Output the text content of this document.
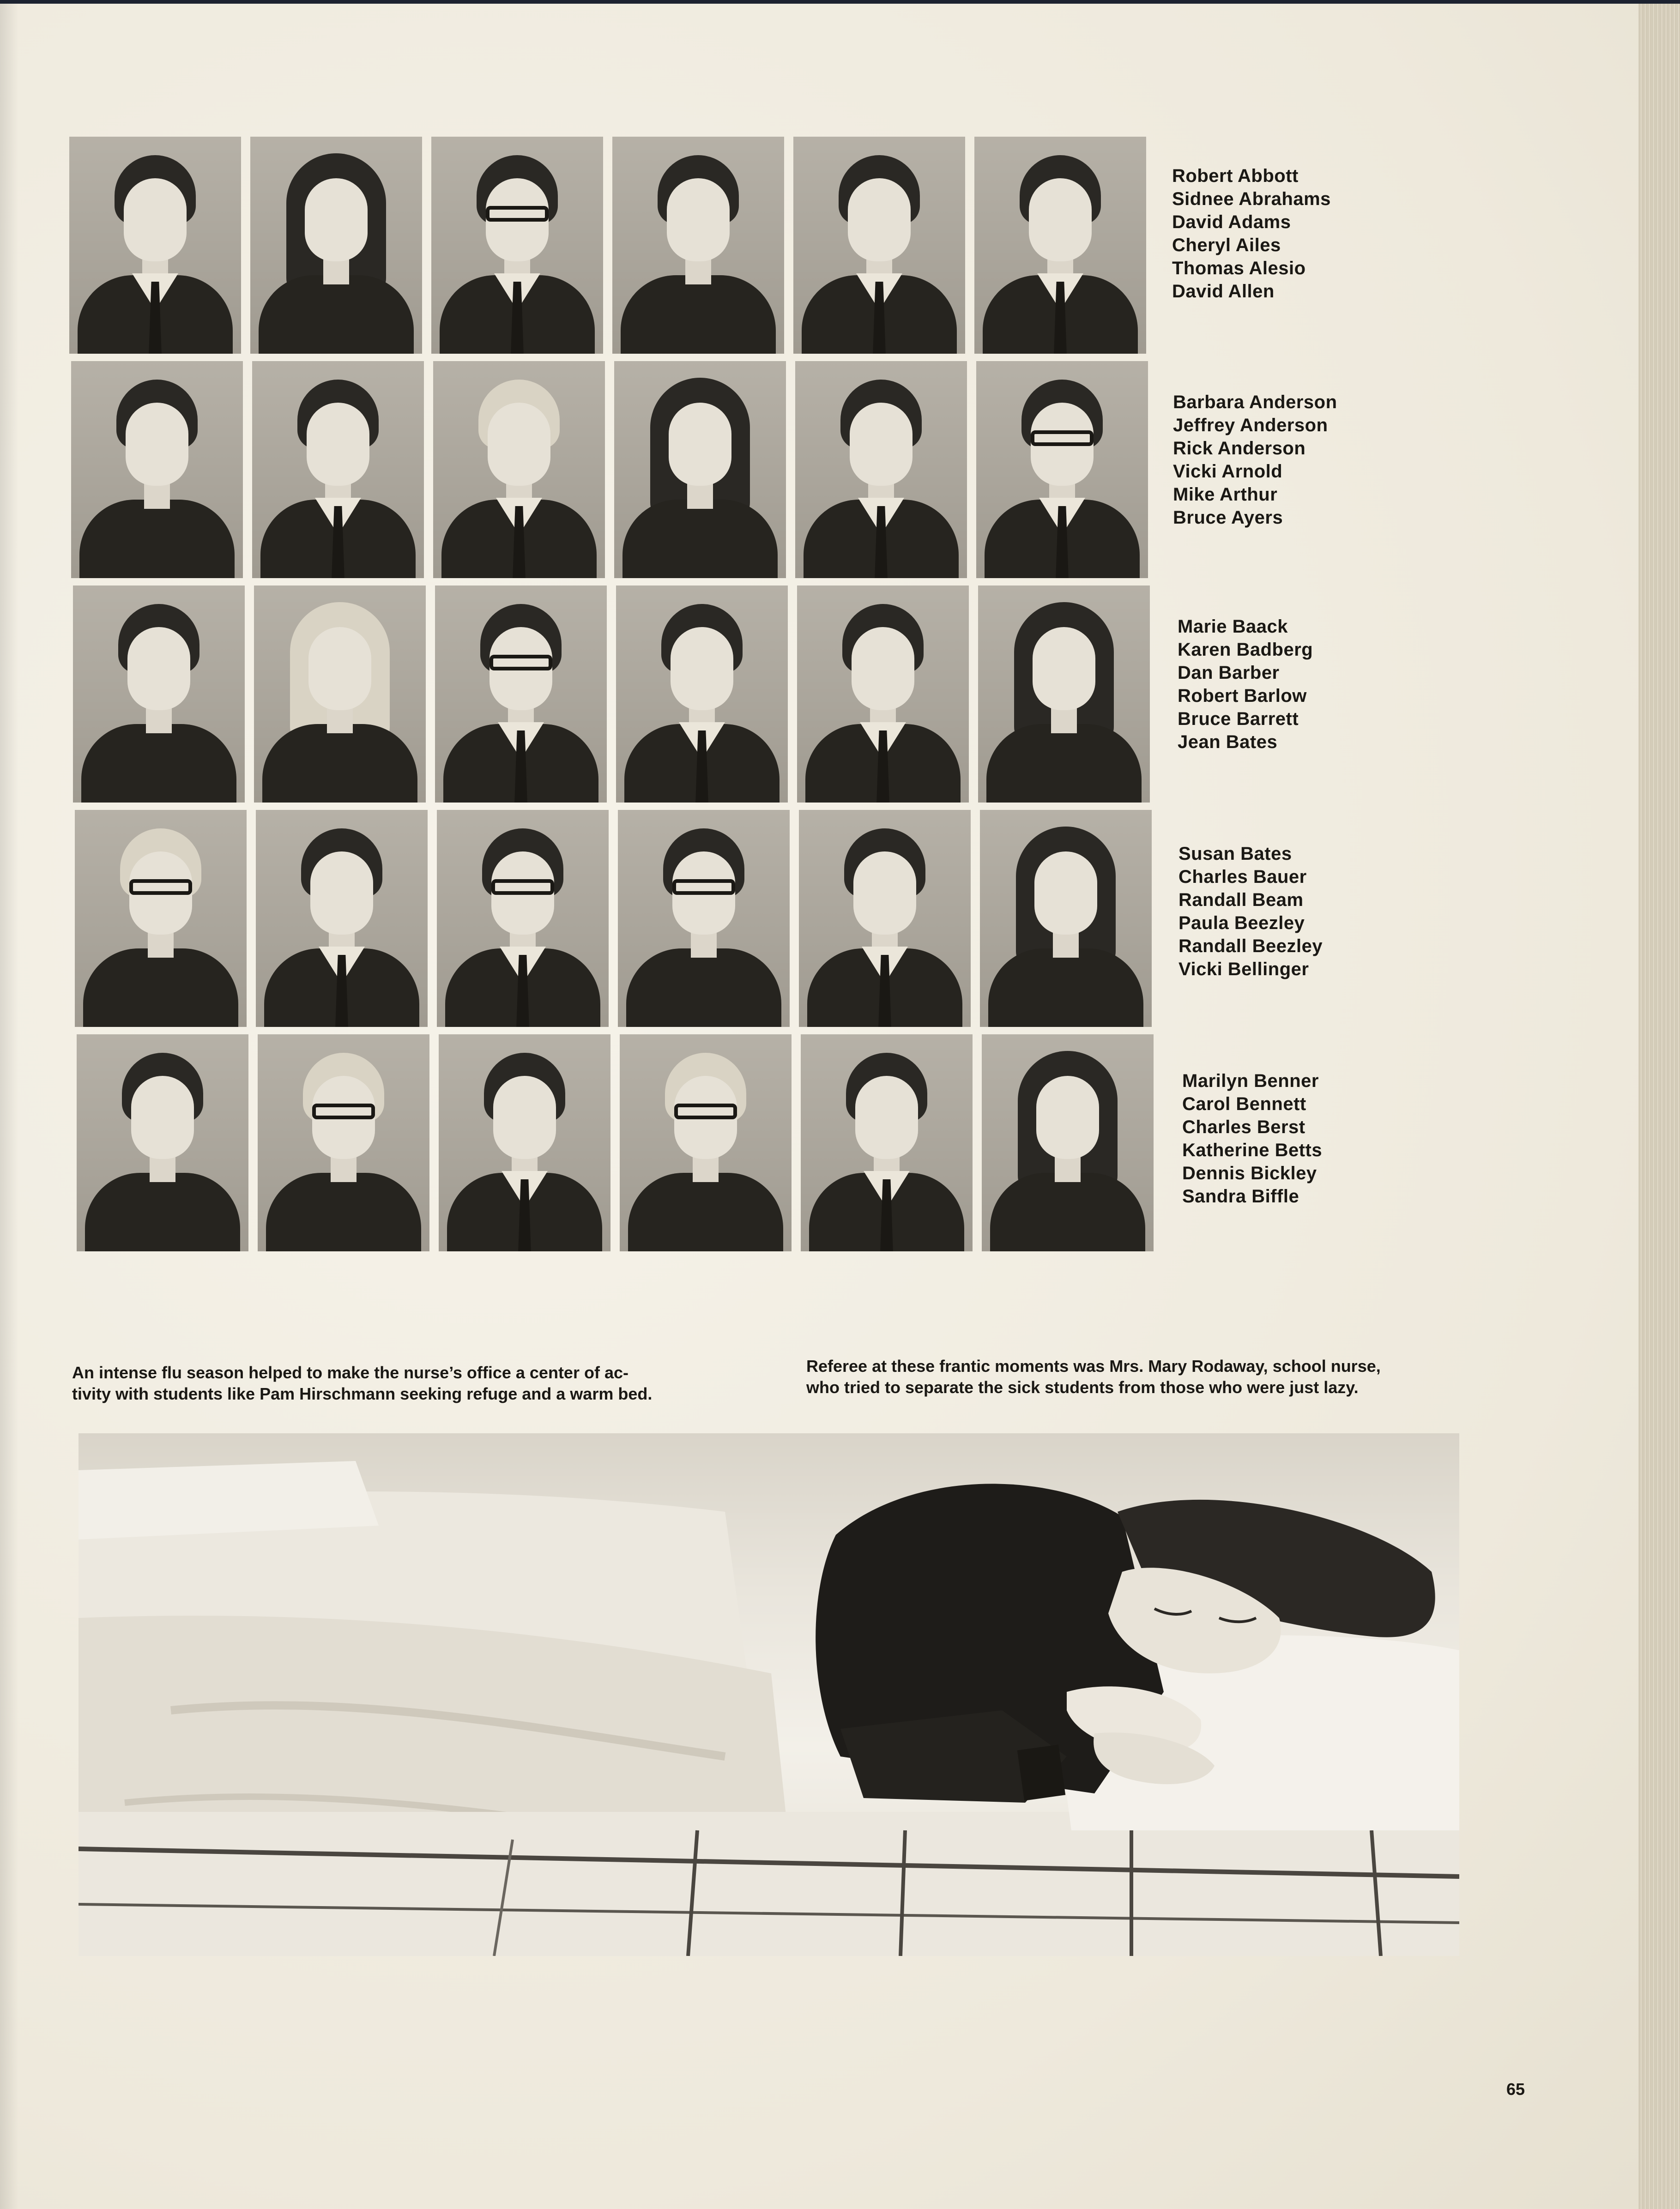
Robert Abbott
Sidnee Abrahams
David Adams
Cheryl Ailes
Thomas Alesio
David Allen
Barbara Anderson
Jeffrey Anderson
Rick Anderson
Vicki Arnold
Mike Arthur
Bruce Ayers
Marie Baack
Karen Badberg
Dan Barber
Robert Barlow
Bruce Barrett
Jean Bates
Susan Bates
Charles Bauer
Randall Beam
Paula Beezley
Randall Beezley
Vicki Bellinger
Marilyn Benner
Carol Bennett
Charles Berst
Katherine Betts
Dennis Bickley
Sandra Biffle
An intense flu season helped to make the nurse’s office a center of ac-
tivity with students like Pam Hirschmann seeking refuge and a warm bed.
Referee at these frantic moments was Mrs. Mary Rodaway, school nurse,
who tried to separate the sick students from those who were just lazy.
65
